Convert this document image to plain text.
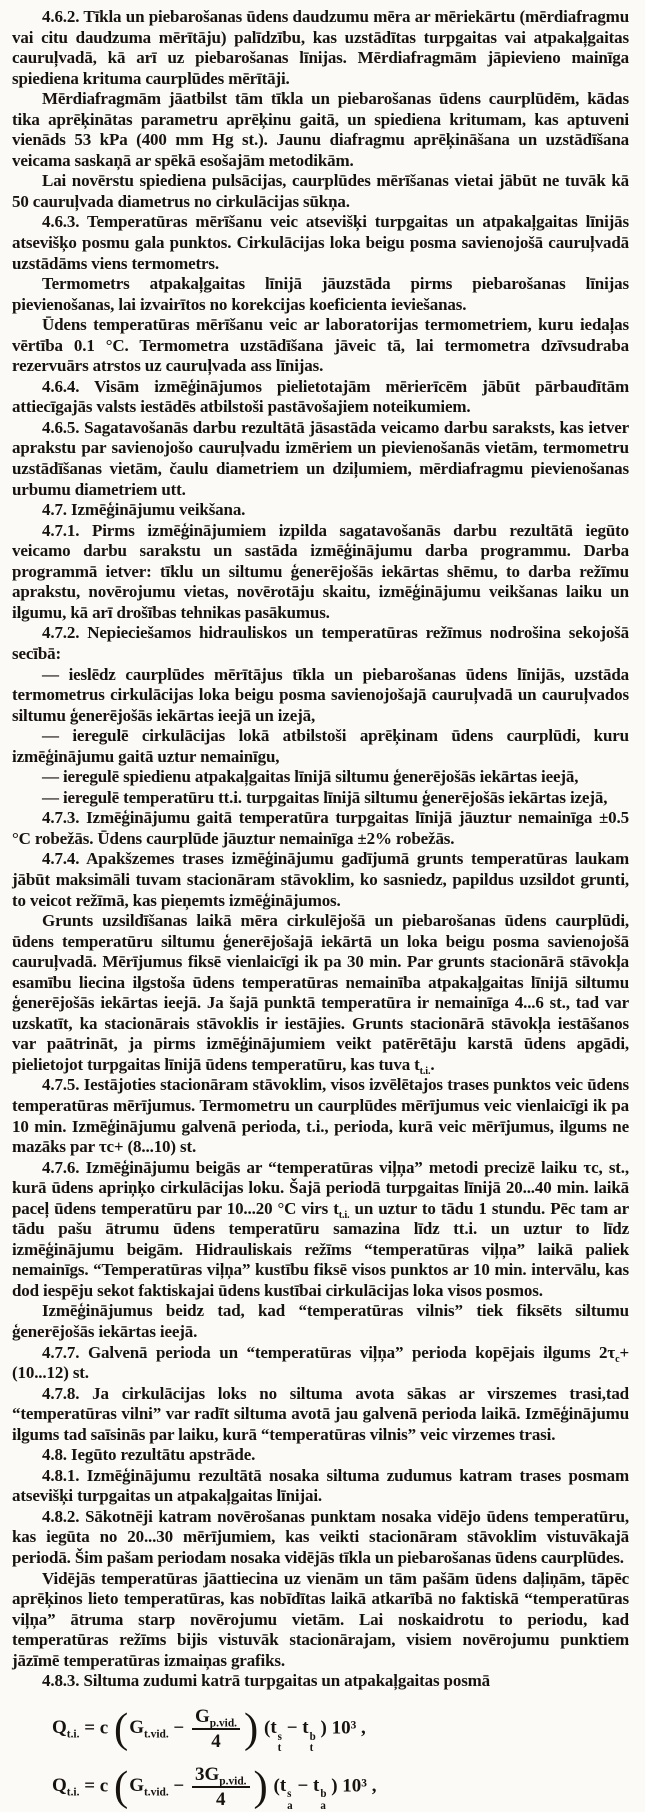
4.6.2. Tīkla un piebarošanas ūdens daudzumu mēra ar mēriekārtu (mērdiafragmu vai citu daudzuma mērītāju) palīdzību, kas uzstādītas turpgaitas vai atpakaļgaitas cauruļvadā, kā arī uz piebarošanas līnijas. Mērdiafragmām jāpievieno mainīga spiediena krituma caurplūdes mērītāji.

Mērdiafragmām jāatbilst tām tīkla un piebarošanas ūdens caurplūdēm, kādas tika aprēķinātas parametru aprēķinu gaitā, un spiediena kritumam, kas aptuveni vienāds 53 kPa (400 mm Hg st.). Jaunu diafragmu aprēķināšana un uzstādīšana veicama saskaņā ar spēkā esošajām metodikām.

Lai novērstu spiediena pulsācijas, caurplūdes mērīšanas vietai jābūt ne tuvāk kā 50 cauruļvada diametrus no cirkulācijas sūkņa.

4.6.3. Temperatūras mērīšanu veic atsevišķi turpgaitas un atpakaļgaitas līnijās atsevišķo posmu gala punktos. Cirkulācijas loka beigu posma savienojošā cauruļvadā uzstādāms viens termometrs.

Termometrs atpakaļgaitas līnijā jāuzstāda pirms piebarošanas līnijas pievienošanas, lai izvairītos no korekcijas koeficienta ieviešanas.

Ūdens temperatūras mērīšanu veic ar laboratorijas termometriem, kuru iedaļas vērtība 0.1 °C. Termometra uzstādīšana jāveic tā, lai termometra dzīvsudraba rezervuārs atrstos uz cauruļvada ass līnijas.

4.6.4. Visām izmēģinājumos pielietotajām mērierīcēm jābūt pārbaudītām attiecīgajās valsts iestādēs atbilstoši pastāvošajiem noteikumiem.

4.6.5. Sagatavošanās darbu rezultātā jāsastāda veicamo darbu saraksts, kas ietver aprakstu par savienojošo cauruļvadu izmēriem un pievienošanās vietām, termometru uzstādīšanas vietām, čaulu diametriem un dziļumiem, mērdiafragmu pievienošanas urbumu diametriem utt.

4.7. Izmēģinājumu veikšana.

4.7.1. Pirms izmēģinājumiem izpilda sagatavošanās darbu rezultātā iegūto veicamo darbu sarakstu un sastāda izmēģinājumu darba programmu. Darba programmā ietver: tīklu un siltumu ģenerējošās iekārtas shēmu, to darba režīmu aprakstu, novērojumu vietas, novērotāju skaitu, izmēģinājumu veikšanas laiku un ilgumu, kā arī drošības tehnikas pasākumus.

4.7.2. Nepieciešamos hidrauliskos un temperatūras režīmus nodrošina sekojošā secībā:

— ieslēdz caurplūdes mērītājus tīkla un piebarošanas ūdens līnijās, uzstāda termometrus cirkulācijas loka beigu posma savienojošajā cauruļvadā un cauruļvados siltumu ģenerējošās iekārtas ieejā un izejā,

— ieregulē cirkulācijas lokā atbilstoši aprēķinam ūdens caurplūdi, kuru izmēģinājumu gaitā uztur nemainīgu,

— ieregulē spiedienu atpakaļgaitas līnijā siltumu ģenerējošās iekārtas ieejā,

— ieregulē temperatūru tt.i. turpgaitas līnijā siltumu ģenerējošās iekārtas izejā,

4.7.3. Izmēģinājumu gaitā temperatūra turpgaitas līnijā jāuztur nemainīga ±0.5 °C robežās. Ūdens caurplūde jāuztur nemainīga ±2% robežās.

4.7.4. Apakšzemes trases izmēģinājumu gadījumā grunts temperatūras laukam jābūt maksimāli tuvam stacionāram stāvoklim, ko sasniedz, papildus uzsildot grunti, to veicot režīmā, kas pieņemts izmēģinājumos.

Grunts uzsildīšanas laikā mēra cirkulējošā un piebarošanas ūdens caurplūdi, ūdens temperatūru siltumu ģenerējošajā iekārtā un loka beigu posma savienojošā cauruļvadā. Mērījumus fiksē vienlaicīgi ik pa 30 min. Par grunts stacionārā stāvokļa esamību liecina ilgstoša ūdens temperatūras nemainība atpakaļgaitas līnijā siltumu ģenerējošās iekārtas ieejā. Ja šajā punktā temperatūra ir nemainīga 4...6 st., tad var uzskatīt, ka stacionārais stāvoklis ir iestājies. Grunts stacionārā stāvokļa iestāšanos var paātrināt, ja pirms izmēģinājumiem veikt patērētāju karstā ūdens apgādi, pielietojot turpgaitas līnijā ūdens temperatūru, kas tuva $t_{t.i.}$.

4.7.5. Iestājoties stacionāram stāvoklim, visos izvēlētajos trases punktos veic ūdens temperatūras mērījumus. Termometru un caurplūdes mērījumus veic vienlaicīgi ik pa 10 min. Izmēģinājumu galvenā perioda, t.i., perioda, kurā veic mērījumus, ilgums ne mazāks par τc+ (8...10) st.

4.7.6. Izmēģinājumu beigās ar “temperatūras viļņa” metodi precizē laiku τc, st., kurā ūdens apriņķo cirkulācijas loku. Šajā periodā turpgaitas līnijā 20...40 min. laikā paceļ ūdens temperatūru par 10...20 °C virs $t_{t.i.}$ un uztur to tādu 1 stundu. Pēc tam ar tādu pašu ātrumu ūdens temperatūru samazina līdz tt.i. un uztur to līdz izmēģinājumu beigām. Hidrauliskais režīms “temperatūras viļņa” laikā paliek nemainīgs. “Temperatūras viļņa” kustību fiksē visos punktos ar 10 min. intervālu, kas dod iespēju sekot faktiskajai ūdens kustībai cirkulācijas loka visos posmos.

Izmēģinājumus beidz tad, kad “temperatūras vilnis” tiek fiksēts siltumu ģenerējošās iekārtas ieejā.

4.7.7. Galvenā perioda un “temperatūras viļņa” perioda kopējais ilgums $2\tau_c+(10...12)$ st.

4.7.8. Ja cirkulācijas loks no siltuma avota sākas ar virszemes trasi,tad “temperatūras vilni” var radīt siltuma avotā jau galvenā perioda laikā. Izmēģinājumu ilgums tad saīsinās par laiku, kurā “temperatūras vilnis” veic virzemes trasi.

4.8. Iegūto rezultātu apstrāde.

4.8.1. Izmēģinājumu rezultātā nosaka siltuma zudumus katram trases posmam atsevišķi turpgaitas un atpakaļgaitas līnijai.

4.8.2. Sākotnēji katram novērošanas punktam nosaka vidējo ūdens temperatūru, kas iegūta no 20...30 mērījumiem, kas veikti stacionāram stāvoklim vistuvākajā periodā. Šim pašam periodam nosaka vidējās tīkla un piebarošanas ūdens caurplūdes.

Vidējās temperatūras jāattiecina uz vienām un tām pašām ūdens daļiņām, tāpēc aprēķinos lieto temperatūras, kas nobīdītas laikā atkarībā no faktiskā “temperatūras viļņa” ātruma starp novērojumu vietām. Lai noskaidrotu to periodu, kad temperatūras režīms bijis vistuvāk stacionārajam, visiem novērojumu punktiem jāzīmē temperatūras izmaiņas grafiks.

4.8.3. Siltuma zudumi katrā turpgaitas un atpakaļgaitas posmā

$Q_{t.i.} = c$ ($G_{t.vid.} - \frac{G_{p.vid.}}{4}$ ) (t s
t
− t b
t
) 10³ ,
$Q_{t.i.} = c$ ($G_{t.vid.} - \frac{3G_{p.vid.}}{4}$ ) (t s
a
− t b
a
) 10³ ,
